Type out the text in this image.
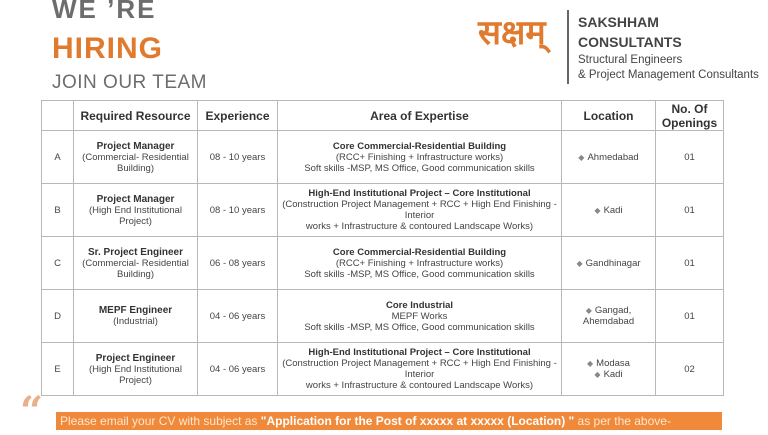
WE ’RE
HIRING
JOIN OUR TEAM
सक्षम् SAKSHHAM
CONSULTANTS
Structural Engineers
& Project Management Consultants
	Required Resource	Experience	Area of Expertise	Location	No. Of Openings
A	Project Manager
(Commercial- Residential Building)	08 - 10 years	Core Commercial-Residential Building
(RCC+ Finishing + Infrastructure works)
Soft skills -MSP, MS Office, Good communication skills	◆ Ahmedabad	01
B	Project Manager
(High End Institutional Project)	08 - 10 years	High-End Institutional Project – Core Institutional
(Construction Project Management + RCC + High End Finishing - Interior
works + Infrastructure & contoured Landscape Works)	◆ Kadi	01
C	Sr. Project Engineer
(Commercial- Residential Building)	06 - 08 years	Core Commercial-Residential Building
(RCC+ Finishing + Infrastructure works)
Soft skills -MSP, MS Office, Good communication skills	◆ Gandhinagar	01
D	MEPF Engineer
(Industrial)	04 - 06 years	Core Industrial
MEPF Works
Soft skills -MSP, MS Office, Good communication skills	◆ Gangad, Ahemdabad	01
E	Project Engineer
(High End Institutional Project)	04 - 06 years	High-End Institutional Project – Core Institutional
(Construction Project Management + RCC + High End Finishing - Interior
works + Infrastructure & contoured Landscape Works)	◆ Modasa
◆ Kadi	02
“	Please email your CV with subject as "Application for the Post of xxxxx at xxxxx (Location) " as per the above-
